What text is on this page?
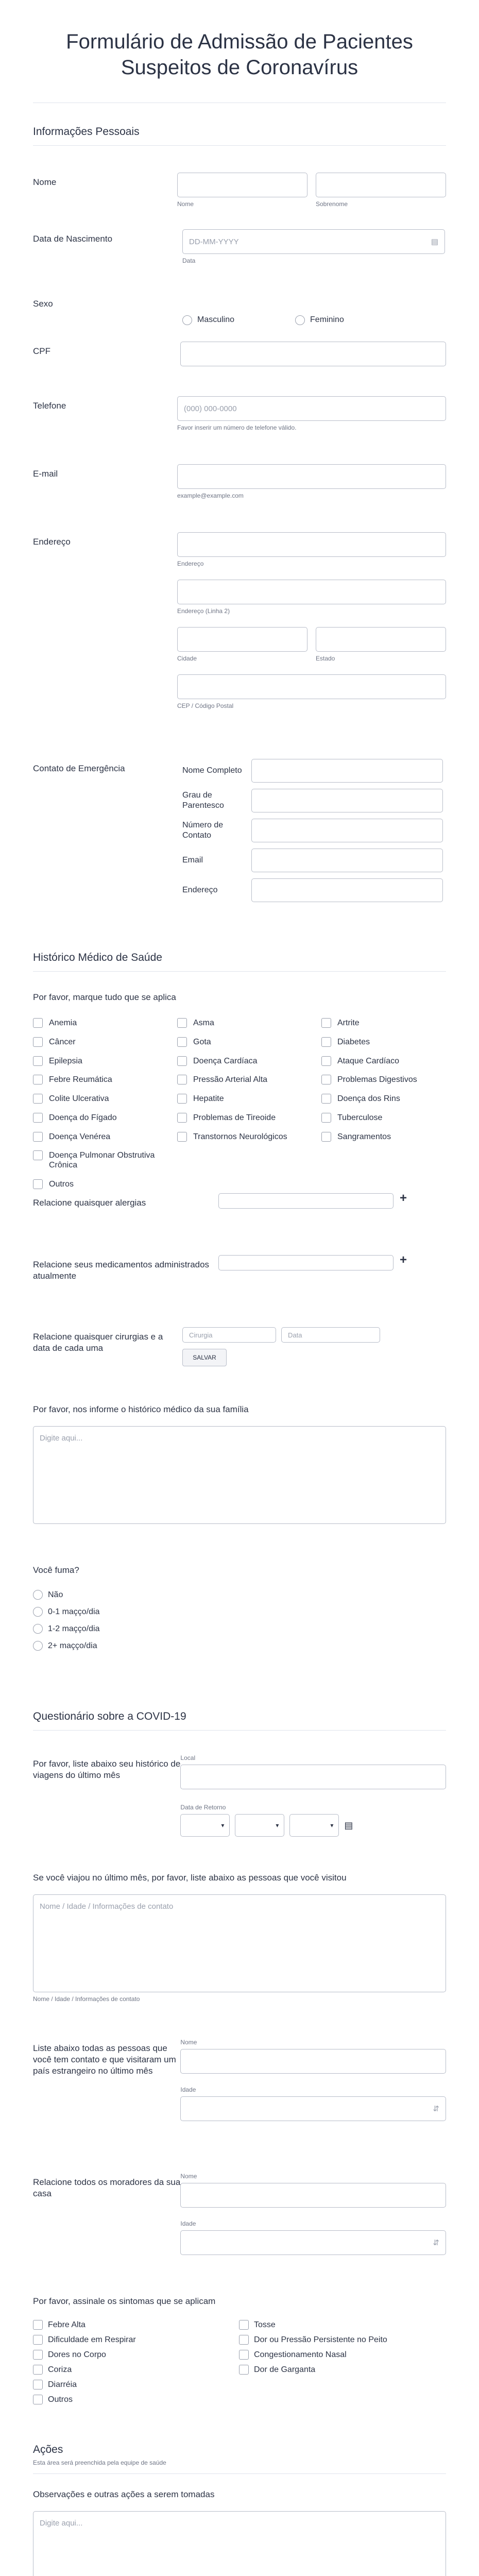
Formulário de Admissão de Pacientes Suspeitos de Coronavírus
Informações Pessoais
Nome
Nome	Sobrenome
Data de Nascimento	DD-MM-YYYY	▤
Data
Sexo
Masculino	Feminino
CPF
Telefone	(000) 000-0000
Favor inserir um número de telefone válido.
E-mail
example@example.com
Endereço
Endereço
Endereço (Linha 2)
Cidade	Estado
CEP / Código Postal
Contato de Emergência	Nome Completo
Grau de Parentesco
Número de Contato
Email
Endereço
Histórico Médico de Saúde
Por favor, marque tudo que se aplica
Anemia	Asma	Artrite
Câncer	Gota	Diabetes
Epilepsia	Doença Cardíaca	Ataque Cardíaco
Febre Reumática	Pressão Arterial Alta	Problemas Digestivos
Colite Ulcerativa	Hepatite	Doença dos Rins
Doença do Fígado	Problemas de Tireoide	Tuberculose
Doença Venérea	Transtornos Neurológicos	Sangramentos
Doença Pulmonar Obstrutiva Crônica
Outros
Relacione quaisquer alergias	+
Relacione seus medicamentos administrados atualmente
+
Relacione quaisquer cirurgias e a data de cada uma
Cirurgia	Data
SALVAR
Por favor, nos informe o histórico médico da sua família
Digite aqui...
Você fuma?
Não
0-1 maçço/dia
1-2 maçço/dia
2+ maçço/dia
Questionário sobre a COVID-19
Por favor, liste abaixo seu histórico de viagens do último mês
Local
Data de Retorno
▾	▾	▾	▤
Se você viajou no último mês, por favor, liste abaixo as pessoas que você visitou
Nome / Idade / Informações de contato
Nome / Idade / Informações de contato
Liste abaixo todas as pessoas que você tem contato e que visitaram um país estrangeiro no último mês
Nome
Idade
⇵
Relacione todos os moradores da sua casa
Nome
Idade
⇵
Por favor, assinale os sintomas que se aplicam
Febre Alta
Dificuldade em Respirar
Dores no Corpo
Coriza
Diarréia
Outros
Tosse
Dor ou Pressão Persistente no Peito
Congestionamento Nasal
Dor de Garganta
Ações
Esta área será preenchida pela equipe de saúde
Observações e outras ações a serem tomadas
Digite aqui...
